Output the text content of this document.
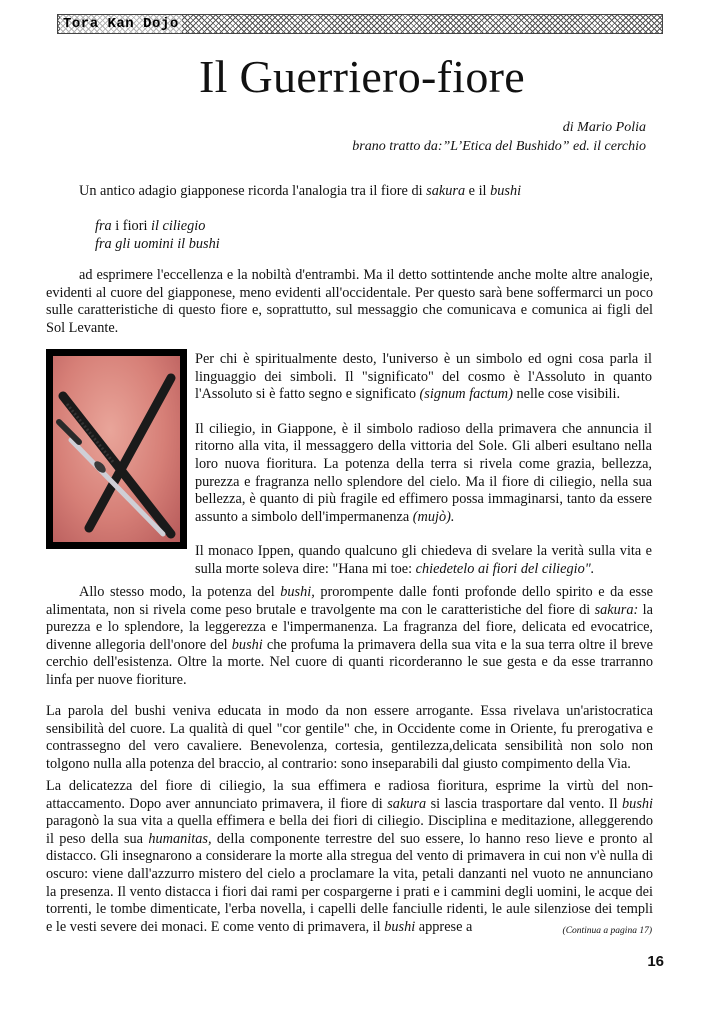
Tora Kan Dojo
Il Guerriero-fiore
di Mario Polia
brano tratto da:”L’Etica del Bushido” ed. il cerchio

Un antico adagio giapponese ricorda l'analogia tra il fiore di sakura e il bushi

fra i fiori il ciliegio
fra gli uomini il bushi

ad esprimere l'eccellenza e la nobiltà d'entrambi. Ma il detto sottintende anche molte altre analogie, evidenti al cuore del giapponese, meno evidenti all'occidentale. Per questo sarà bene soffermarci un poco sulle caratteristiche di questo fiore e, soprattutto, sul messaggio che comunicava e comunica ai figli del Sol Levante.

Per chi è spiritualmente desto, l'universo è un simbolo ed ogni cosa parla il linguaggio dei simboli. Il "significato" del cosmo è l'Assoluto in quanto l'Assoluto si è fatto segno e significato (signum factum) nelle cose visibili.

Il ciliegio, in Giappone, è il simbolo radioso della primavera che annuncia il ritorno alla vita, il messaggero della vittoria del Sole. Gli alberi esultano nella loro nuova fioritura. La potenza della terra si rivela come grazia, bellezza, purezza e fragranza nello splendore del cielo. Ma il fiore di ciliegio, nella sua bellezza, è quanto di più fragile ed effimero possa immaginarsi, tanto da essere assunto a simbolo dell'impermanenza (mujò).

Il monaco Ippen, quando qualcuno gli chiedeva di svelare la verità sulla vita e sulla morte soleva dire: "Hana mi toe: chiedetelo ai fiori del ciliegio".

Allo stesso modo, la potenza del bushi, prorompente dalle fonti profonde dello spirito e da esse alimentata, non si rivela come peso brutale e travolgente ma con le caratteristiche del fiore di sakura: la purezza e lo splendore, la leggerezza e l'impermanenza. La fragranza del fiore, delicata ed evocatrice, divenne allegoria dell'onore del bushi che profuma la primavera della sua vita e la sua terra oltre il breve cerchio dell'esistenza. Oltre la morte. Nel cuore di quanti ricorderanno le sue gesta e da esse trarranno linfa per nuove fioriture.

La parola del bushi veniva educata in modo da non essere arrogante. Essa rivelava un'aristocratica sensibilità del cuore. La qualità di quel "cor gentile" che, in Occidente come in Oriente, fu prerogativa e contrassegno del vero cavaliere. Benevolenza, cortesia, gentilezza,delicata sensibilità non solo non tolgono nulla alla potenza del braccio, al contrario: sono inseparabili dal giusto compimento della Via.

La delicatezza del fiore di ciliegio, la sua effimera e radiosa fioritura, esprime la virtù del non-attaccamento. Dopo aver annunciato primavera, il fiore di sakura si lascia trasportare dal vento. Il bushi paragonò la sua vita a quella effimera e bella dei fiori di ciliegio. Disciplina e meditazione, alleggerendo il peso della sua humanitas, della componente terrestre del suo essere, lo hanno reso lieve e pronto al distacco. Gli insegnarono a considerare la morte alla stregua del vento di primavera in cui non v'è nulla di oscuro: viene dall'azzurro mistero del cielo a proclamare la vita, petali danzanti nel vuoto ne annunciano la presenza. Il vento distacca i fiori dai rami per cospargerne i prati e i cammini degli uomini, le acque dei torrenti, le tombe dimenticate, l'erba novella, i capelli delle fanciulle ridenti, le aule silenziose dei templi e le vesti severe dei monaci. E come vento di primavera, il bushi apprese a	(Continua a pagina 17)
16
